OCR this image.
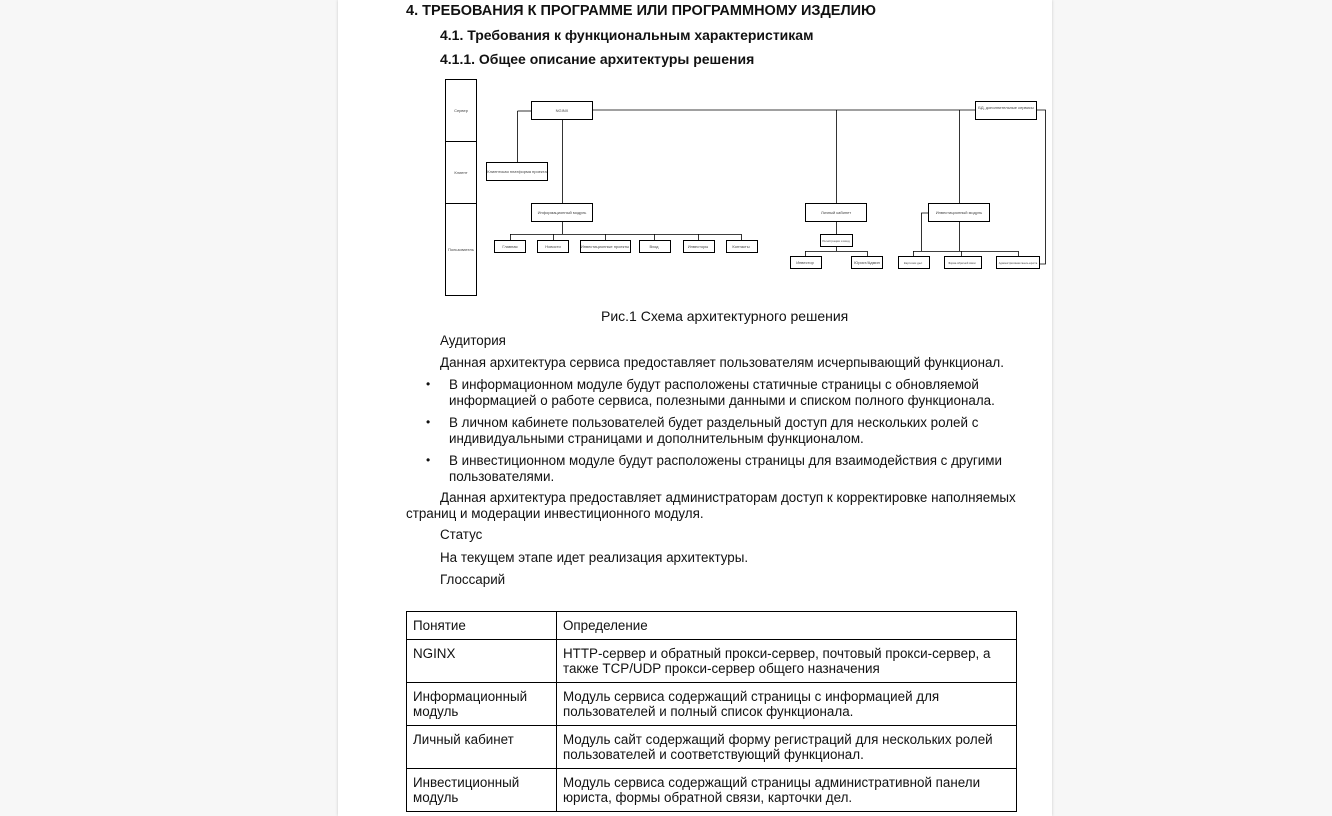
4. ТРЕБОВАНИЯ К ПРОГРАММЕ ИЛИ ПРОГРАММНОМУ ИЗДЕЛИЮ
4.1. Требования к функциональным характеристикам
4.1.1. Общее описание архитектуры решения
Сервер
Клиент
Пользователь
NGINX
БД, дополнительные сервисы
Клиентская платформа проекта
Информационный модуль	Личный кабинет	Инвестиционный модуль
Регистрация и вход
Главная	Новости	Инвестиционные проекты	Вход	Инвесторы	Контакты
Инвестор	Юрист/Админ	Карточки дел	Форма обратной связи	Административная панель юриста
Рис.1 Схема архитектурного решения
Аудитория
Данная архитектура сервиса предоставляет пользователям исчерпывающий функционал.
• В информационном модуле будут расположены статичные страницы с обновляемой информацией о работе сервиса, полезными данными и списком полного функционала.
• В личном кабинете пользователей будет раздельный доступ для нескольких ролей с индивидуальными страницами и дополнительным функционалом.
• В инвестиционном модуле будут расположены страницы для взаимодействия с другими пользователями.
Данная архитектура предоставляет администраторам доступ к корректировке наполняемых страниц и модерации инвестиционного модуля.
Статус
На текущем этапе идет реализация архитектуры.
Глоссарий
Понятие	Определение
NGINX	HTTP-сервер и обратный прокси-сервер, почтовый прокси-сервер, а также TCP/UDP прокси-сервер общего назначения
Информационный модуль	Модуль сервиса содержащий страницы с информацией для пользователей и полный список функционала.
Личный кабинет	Модуль сайт содержащий форму регистраций для нескольких ролей пользователей и соответствующий функционал.
Инвестиционный модуль	Модуль сервиса содержащий страницы административной панели юриста, формы обратной связи, карточки дел.
